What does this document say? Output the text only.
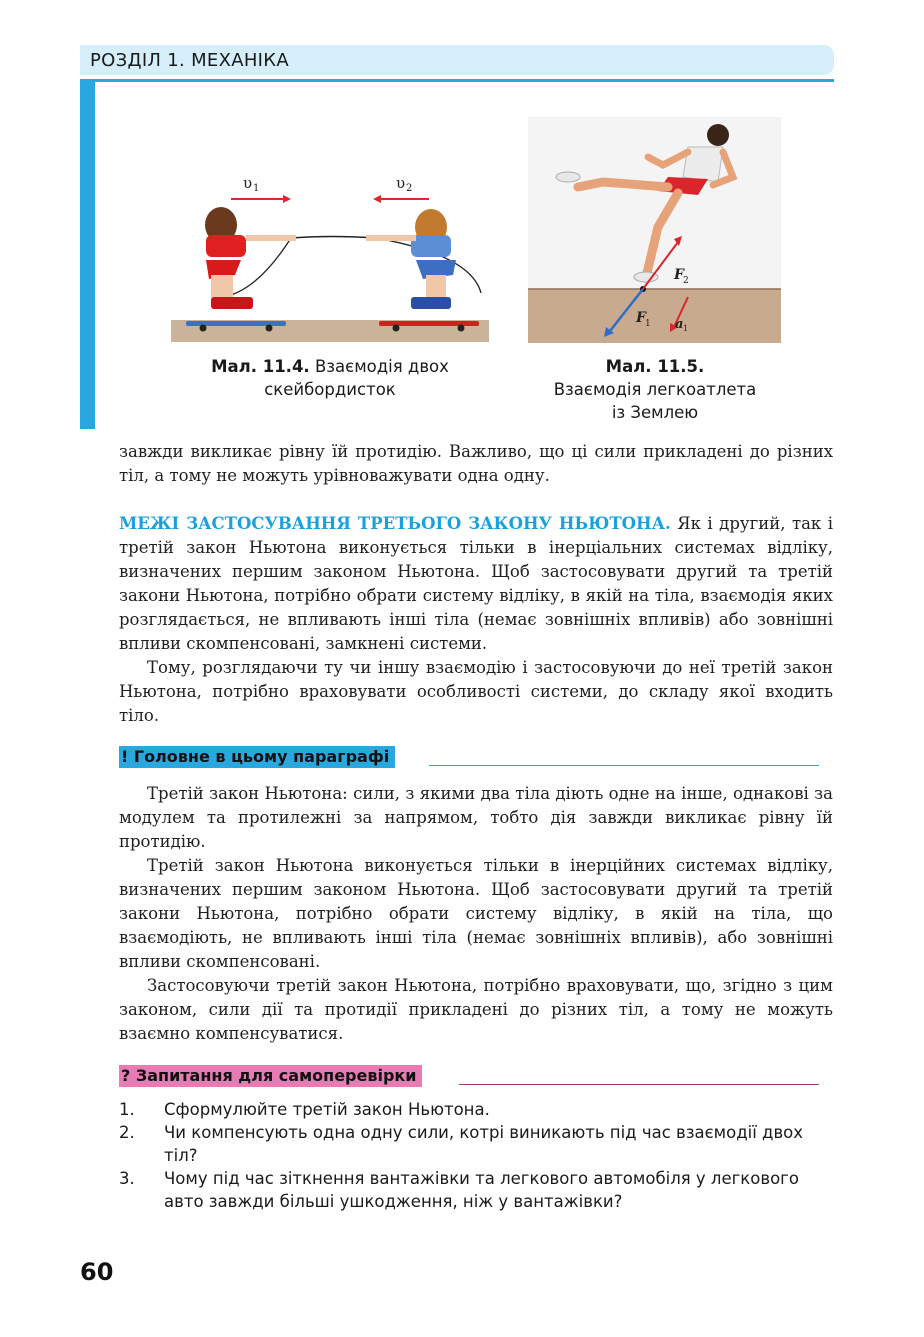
РОЗДІЛ 1. МЕХАНІКА
υ 1	υ 2
F 2
F 1 a 1
Мал. 11.4. Взаємодія двох
скейбордисток
Мал. 11.5.
Взаємодія легкоатлета
із Землею

завжди викликає рівну їй протидію. Важливо, що ці сили прикладені до різних тіл, а тому не можуть урівноважувати одна одну.

МЕЖІ ЗАСТОСУВАННЯ ТРЕТЬОГО ЗАКОНУ НЬЮТОНА. Як і другий, так і третій закон Ньютона виконується тільки в інерціальних системах відліку, визначених першим законом Ньютона. Щоб застосовувати другий та третій закони Ньютона, потрібно обрати систему відліку, в якій на тіла, взаємодія яких розглядається, не впливають інші тіла (немає зовнішніх впливів) або зовнішні впливи скомпенсовані, замкнені системи.

Тому, розглядаючи ту чи іншу взаємодію і застосовуючи до неї третій закон Ньютона, потрібно враховувати особливості системи, до складу якої входить тіло.

! Головне в цьому параграфі

Третій закон Ньютона: сили, з якими два тіла діють одне на інше, однакові за модулем та протилежні за напрямом, тобто дія завжди викликає рівну їй протидію.

Третій закон Ньютона виконується тільки в інерційних системах відліку, визначених першим законом Ньютона. Щоб застосовувати другий та третій закони Ньютона, потрібно обрати систему відліку, в якій на тіла, що взаємодіють, не впливають інші тіла (немає зовнішніх впливів), або зовнішні впливи скомпенсовані.

Застосовуючи третій закон Ньютона, потрібно враховувати, що, згідно з цим законом, сили дії та протидії прикладені до різних тіл, а тому не можуть взаємно компенсуватися.

? Запитання для самоперевірки
1. Сформулюйте третій закон Ньютона.
2. Чи компенсують одна одну сили, котрі виникають під час взаємодії двох тіл?
3. Чому під час зіткнення вантажівки та легкового автомобіля у легкового авто завжди більші ушкодження, ніж у вантажівки?
60
